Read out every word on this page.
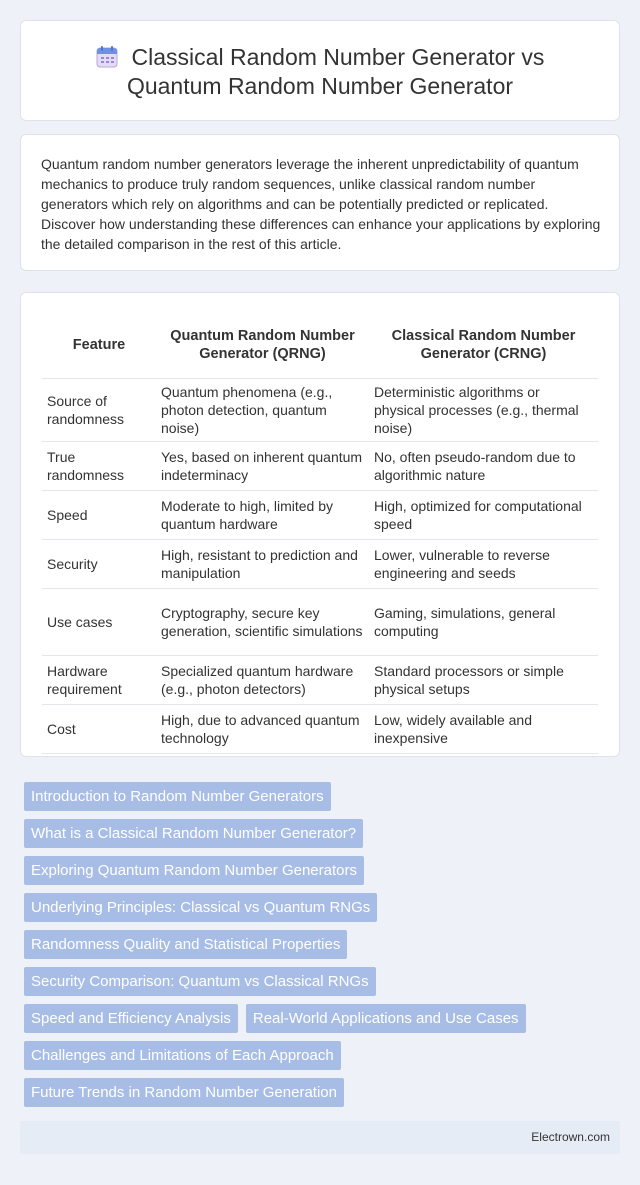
Classical Random Number Generator vs
Quantum Random Number Generator

Quantum random number generators leverage the inherent unpredictability of quantum mechanics to produce truly random sequences, unlike classical random number generators which rely on algorithms and can be potentially predicted or replicated. Discover how understanding these differences can enhance your applications by exploring the detailed comparison in the rest of this article.

Feature	Quantum Random Number Generator (QRNG)	Classical Random Number Generator (CRNG)
Source of randomness	Quantum phenomena (e.g., photon detection, quantum noise)	Deterministic algorithms or physical processes (e.g., thermal noise)
True randomness	Yes, based on inherent quantum indeterminacy	No, often pseudo-random due to algorithmic nature
Speed	Moderate to high, limited by quantum hardware	High, optimized for computational speed
Security	High, resistant to prediction and manipulation	Lower, vulnerable to reverse engineering and seeds
Use cases	Cryptography, secure key generation, scientific simulations	Gaming, simulations, general computing
Hardware requirement	Specialized quantum hardware (e.g., photon detectors)	Standard processors or simple physical setups
Cost	High, due to advanced quantum technology	Low, widely available and inexpensive
Introduction to Random Number Generators
What is a Classical Random Number Generator?
Exploring Quantum Random Number Generators
Underlying Principles: Classical vs Quantum RNGs
Randomness Quality and Statistical Properties
Security Comparison: Quantum vs Classical RNGs
Speed and Efficiency Analysis	Real-World Applications and Use Cases
Challenges and Limitations of Each Approach
Future Trends in Random Number Generation
Electrown.com
